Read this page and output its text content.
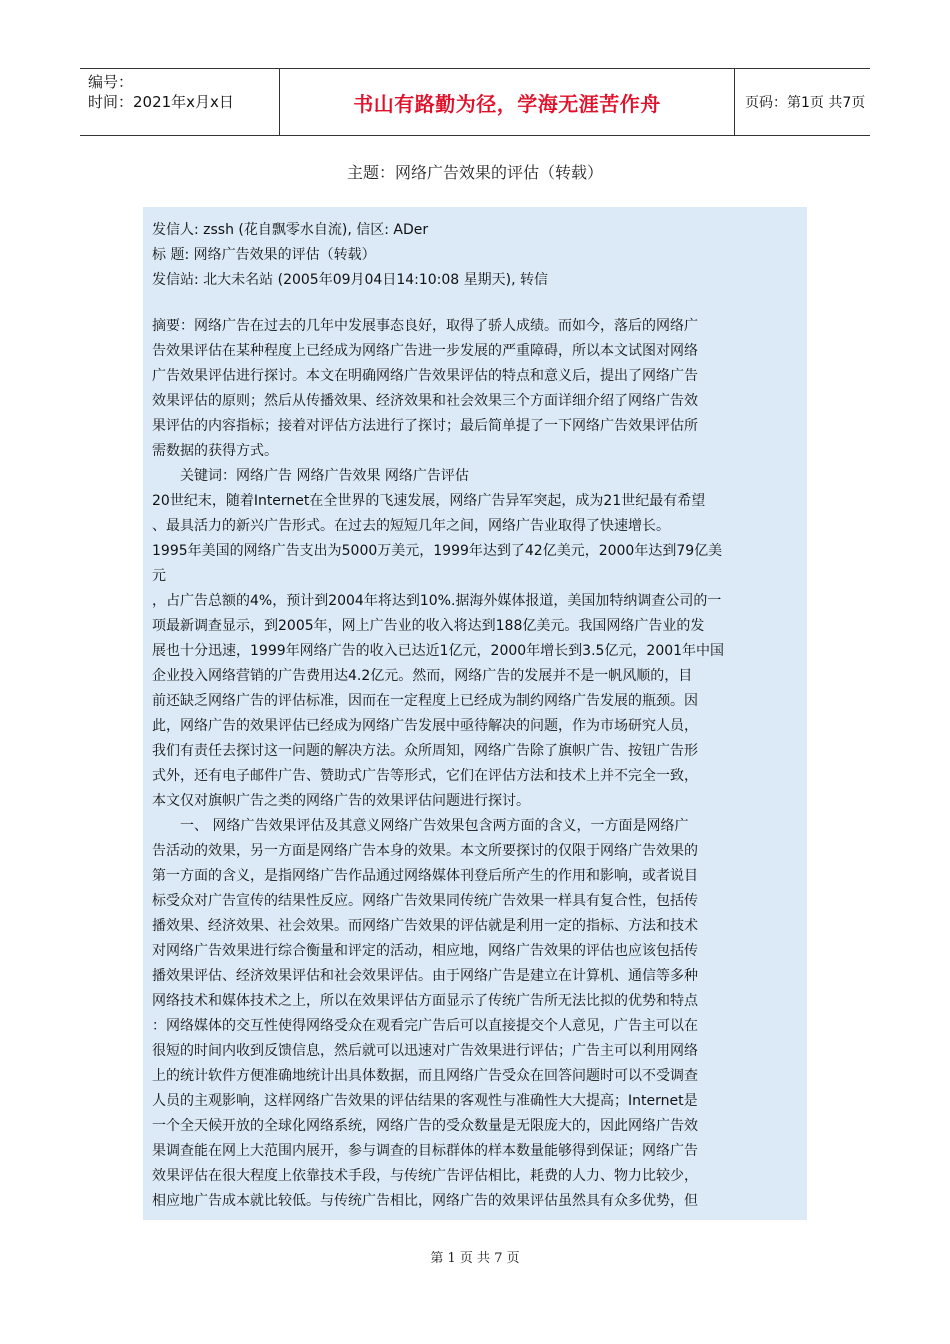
编号：
时间：2021年x月x日	书山有路勤为径，学海无涯苦作舟	页码：第1页 共7页
主题：网络广告效果的评估（转载）

发信人: zssh (花自飘零水自流), 信区: ADer

标 题: 网络广告效果的评估（转载）

发信站: 北大未名站 (2005年09月04日14:10:08 星期天), 转信

摘要：网络广告在过去的几年中发展事态良好，取得了骄人成绩。而如今，落后的网络广

告效果评估在某种程度上已经成为网络广告进一步发展的严重障碍，所以本文试图对网络

广告效果评估进行探讨。本文在明确网络广告效果评估的特点和意义后，提出了网络广告

效果评估的原则；然后从传播效果、经济效果和社会效果三个方面详细介绍了网络广告效

果评估的内容指标；接着对评估方法进行了探讨；最后简单提了一下网络广告效果评估所

需数据的获得方式。

关键词：网络广告 网络广告效果 网络广告评估

20世纪末，随着Internet在全世界的飞速发展，网络广告异军突起，成为21世纪最有希望

、最具活力的新兴广告形式。在过去的短短几年之间，网络广告业取得了快速增长。

1995年美国的网络广告支出为5000万美元，1999年达到了42亿美元，2000年达到79亿美

元

，占广告总额的4%，预计到2004年将达到10%.据海外媒体报道，美国加特纳调查公司的一

项最新调查显示，到2005年，网上广告业的收入将达到188亿美元。我国网络广告业的发

展也十分迅速，1999年网络广告的收入已达近1亿元，2000年增长到3.5亿元，2001年中国

企业投入网络营销的广告费用达4.2亿元。然而，网络广告的发展并不是一帆风顺的，目

前还缺乏网络广告的评估标准，因而在一定程度上已经成为制约网络广告发展的瓶颈。因

此，网络广告的效果评估已经成为网络广告发展中亟待解决的问题，作为市场研究人员，

我们有责任去探讨这一问题的解决方法。众所周知，网络广告除了旗帜广告、按钮广告形

式外，还有电子邮件广告、赞助式广告等形式，它们在评估方法和技术上并不完全一致，

本文仅对旗帜广告之类的网络广告的效果评估问题进行探讨。

一、 网络广告效果评估及其意义网络广告效果包含两方面的含义，一方面是网络广

告活动的效果，另一方面是网络广告本身的效果。本文所要探讨的仅限于网络广告效果的

第一方面的含义，是指网络广告作品通过网络媒体刊登后所产生的作用和影响，或者说目

标受众对广告宣传的结果性反应。网络广告效果同传统广告效果一样具有复合性，包括传

播效果、经济效果、社会效果。而网络广告效果的评估就是利用一定的指标、方法和技术

对网络广告效果进行综合衡量和评定的活动，相应地，网络广告效果的评估也应该包括传

播效果评估、经济效果评估和社会效果评估。由于网络广告是建立在计算机、通信等多种

网络技术和媒体技术之上，所以在效果评估方面显示了传统广告所无法比拟的优势和特点

：网络媒体的交互性使得网络受众在观看完广告后可以直接提交个人意见，广告主可以在

很短的时间内收到反馈信息，然后就可以迅速对广告效果进行评估；广告主可以利用网络

上的统计软件方便准确地统计出具体数据，而且网络广告受众在回答问题时可以不受调查

人员的主观影响，这样网络广告效果的评估结果的客观性与准确性大大提高；Internet是

一个全天候开放的全球化网络系统，网络广告的受众数量是无限庞大的，因此网络广告效

果调查能在网上大范围内展开，参与调查的目标群体的样本数量能够得到保证；网络广告

效果评估在很大程度上依靠技术手段，与传统广告评估相比，耗费的人力、物力比较少，

相应地广告成本就比较低。与传统广告相比，网络广告的效果评估虽然具有众多优势，但

第 1 页 共 7 页
